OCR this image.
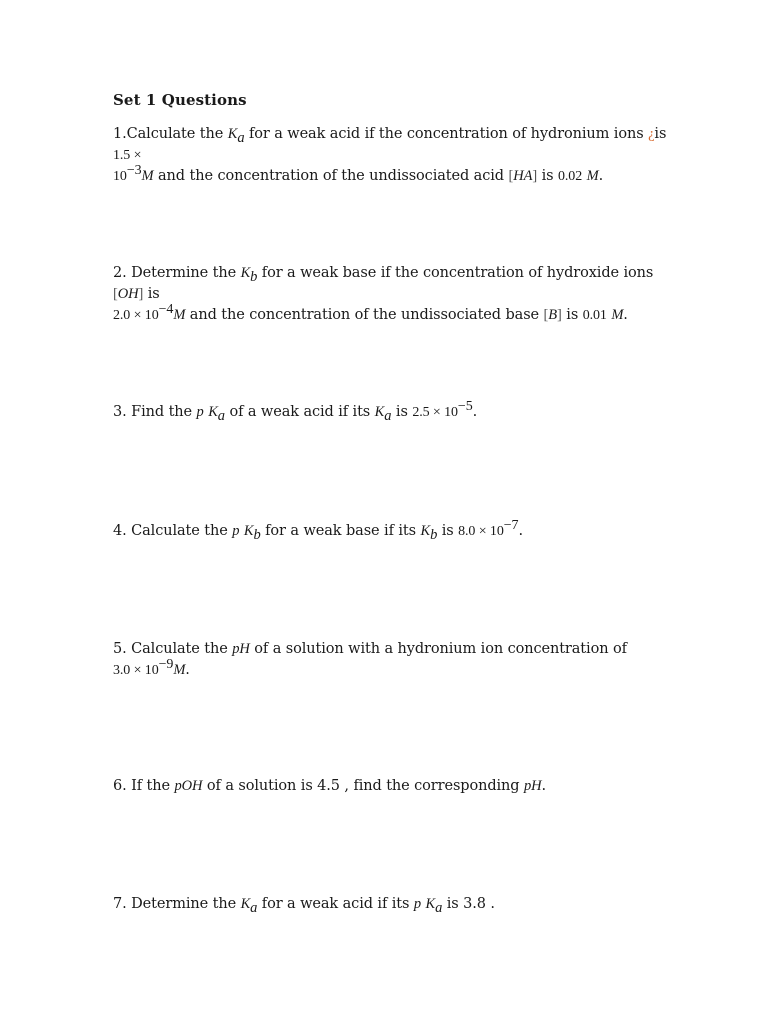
Set 1 Questions
1.Calculate the $K_a$ for a weak acid if the concentration of hydronium ions ¿is 1.5 ×
$10^{-3}M$ and the concentration of the undissociated acid [HA] is 0.02 M.
2. Determine the $K_b$ for a weak base if the concentration of hydroxide ions [OH] is
$2.0 \times 10^{-4}M$ and the concentration of the undissociated base [B] is 0.01 M.
3. Find the p $K_a$ of a weak acid if its $K_a$ is $2.5 \times 10^{-5}$.
4. Calculate the p $K_b$ for a weak base if its $K_b$ is $8.0 \times 10^{-7}$.
5. Calculate the pH of a solution with a hydronium ion concentration of
$3.0 \times 10^{-9}M$.
6. If the pOH of a solution is 4.5 , find the corresponding pH.
7. Determine the $K_a$ for a weak acid if its p $K_a$ is 3.8 .
